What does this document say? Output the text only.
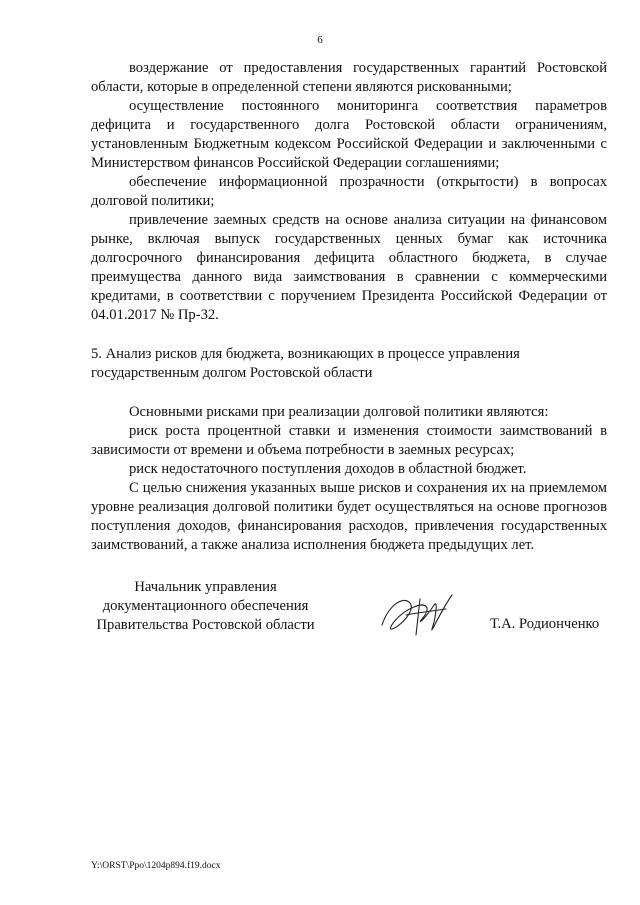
6

воздержание от предоставления государственных гарантий Ростовской области, которые в определенной степени являются рискованными;

осуществление постоянного мониторинга соответствия параметров дефицита и государственного долга Ростовской области ограничениям, установленным Бюджетным кодексом Российской Федерации и заключенными с Министерством финансов Российской Федерации соглашениями;

обеспечение информационной прозрачности (открытости) в вопросах долговой политики;

привлечение заемных средств на основе анализа ситуации на финансовом рынке, включая выпуск государственных ценных бумаг как источника долгосрочного финансирования дефицита областного бюджета, в случае преимущества данного вида заимствования в сравнении с коммерческими кредитами, в соответствии с поручением Президента Российской Федерации от 04.01.2017 № Пр-32.

5. Анализ рисков для бюджета, возникающих в процессе управления
государственным долгом Ростовской области

Основными рисками при реализации долговой политики являются:

риск роста процентной ставки и изменения стоимости заимствований в зависимости от времени и объема потребности в заемных ресурсах;

риск недостаточного поступления доходов в областной бюджет.

С целью снижения указанных выше рисков и сохранения их на приемлемом уровне реализация долговой политики будет осуществляться на основе прогнозов поступления доходов, финансирования расходов, привлечения государственных заимствований, а также анализа исполнения бюджета предыдущих лет.

Начальник управления
документационного обеспечения
Правительства Ростовской области	Т.А. Родионченко
Y:\ORST\Ppo\1204p894.f19.docx
